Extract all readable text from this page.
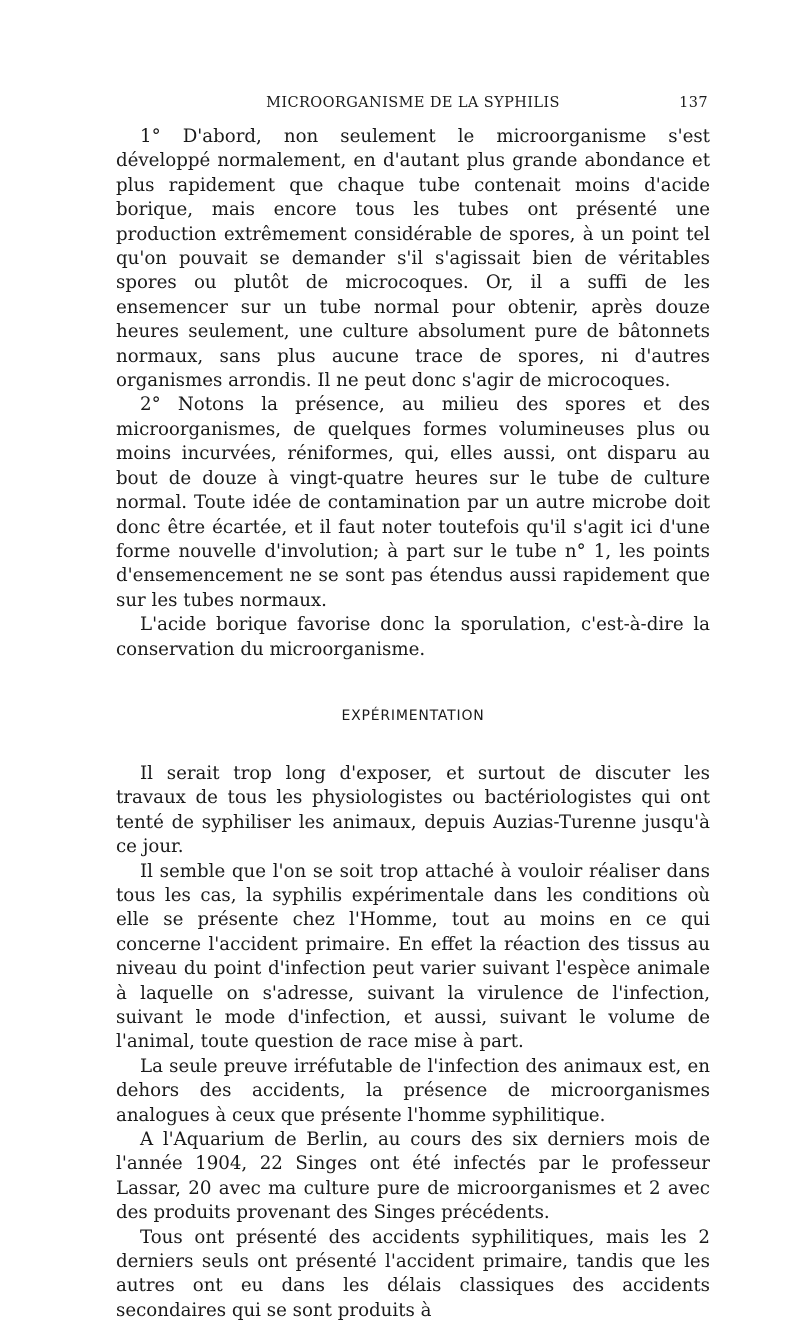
MICROORGANISME DE LA SYPHILIS	137

1° D'abord, non seulement le microorganisme s'est développé normalement, en d'autant plus grande abondance et plus rapidement que chaque tube contenait moins d'acide borique, mais encore tous les tubes ont présenté une production extrêmement considérable de spores, à un point tel qu'on pouvait se demander s'il s'agissait bien de véritables spores ou plutôt de microcoques. Or, il a suffi de les ensemencer sur un tube normal pour obtenir, après douze heures seulement, une culture absolument pure de bâtonnets normaux, sans plus aucune trace de spores, ni d'autres organismes arrondis. Il ne peut donc s'agir de microcoques.

2° Notons la présence, au milieu des spores et des microorganismes, de quelques formes volumineuses plus ou moins incurvées, réniformes, qui, elles aussi, ont disparu au bout de douze à vingt-quatre heures sur le tube de culture normal. Toute idée de contamination par un autre microbe doit donc être écartée, et il faut noter toutefois qu'il s'agit ici d'une forme nouvelle d'involution; à part sur le tube n° 1, les points d'ensemencement ne se sont pas étendus aussi rapidement que sur les tubes normaux.

L'acide borique favorise donc la sporulation, c'est-à-dire la conservation du microorganisme.

EXPÉRIMENTATION

Il serait trop long d'exposer, et surtout de discuter les travaux de tous les physiologistes ou bactériologistes qui ont tenté de syphiliser les animaux, depuis Auzias-Turenne jusqu'à ce jour.

Il semble que l'on se soit trop attaché à vouloir réaliser dans tous les cas, la syphilis expérimentale dans les conditions où elle se présente chez l'Homme, tout au moins en ce qui concerne l'accident primaire. En effet la réaction des tissus au niveau du point d'infection peut varier suivant l'espèce animale à laquelle on s'adresse, suivant la virulence de l'infection, suivant le mode d'infection, et aussi, suivant le volume de l'animal, toute question de race mise à part.

La seule preuve irréfutable de l'infection des animaux est, en dehors des accidents, la présence de microorganismes analogues à ceux que présente l'homme syphilitique.

A l'Aquarium de Berlin, au cours des six derniers mois de l'année 1904, 22 Singes ont été infectés par le professeur Lassar, 20 avec ma culture pure de microorganismes et 2 avec des produits provenant des Singes précédents.

Tous ont présenté des accidents syphilitiques, mais les 2 derniers seuls ont présenté l'accident primaire, tandis que les autres ont eu dans les délais classiques des accidents secondaires qui se sont produits à
